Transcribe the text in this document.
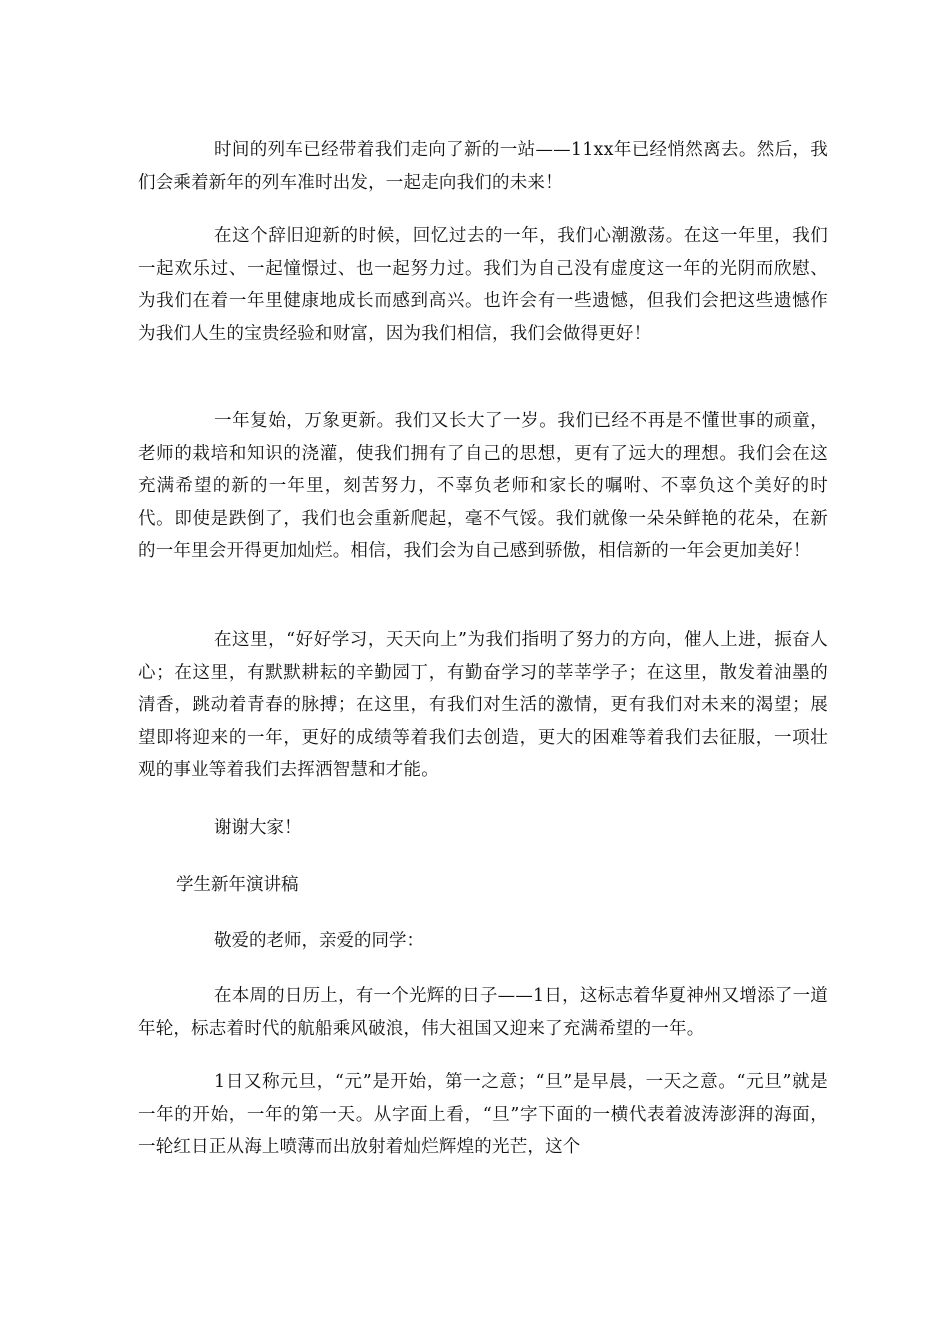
时间的列车已经带着我们走向了新的一站——11xx年已经悄然离去。然后，我们会乘着新年的列车准时出发，一起走向我们的未来！

在这个辞旧迎新的时候，回忆过去的一年，我们心潮激荡。在这一年里，我们一起欢乐过、一起憧憬过、也一起努力过。我们为自己没有虚度这一年的光阴而欣慰、为我们在着一年里健康地成长而感到高兴。也许会有一些遗憾，但我们会把这些遗憾作为我们人生的宝贵经验和财富，因为我们相信，我们会做得更好！

一年复始，万象更新。我们又长大了一岁。我们已经不再是不懂世事的顽童，老师的栽培和知识的浇灌，使我们拥有了自己的思想，更有了远大的理想。我们会在这充满希望的新的一年里，刻苦努力，不辜负老师和家长的嘱咐、不辜负这个美好的时代。即使是跌倒了，我们也会重新爬起，毫不气馁。我们就像一朵朵鲜艳的花朵，在新的一年里会开得更加灿烂。相信，我们会为自己感到骄傲，相信新的一年会更加美好！

在这里，“好好学习，天天向上”为我们指明了努力的方向，催人上进，振奋人心；在这里，有默默耕耘的辛勤园丁，有勤奋学习的莘莘学子；在这里，散发着油墨的清香，跳动着青春的脉搏；在这里，有我们对生活的激情，更有我们对未来的渴望；展望即将迎来的一年，更好的成绩等着我们去创造，更大的困难等着我们去征服，一项壮观的事业等着我们去挥洒智慧和才能。

谢谢大家！
学生新年演讲稿
敬爱的老师，亲爱的同学：

在本周的日历上，有一个光辉的日子——1日，这标志着华夏神州又增添了一道年轮，标志着时代的航船乘风破浪，伟大祖国又迎来了充满希望的一年。

1日又称元旦，“元”是开始，第一之意；“旦”是早晨，一天之意。“元旦”就是一年的开始，一年的第一天。从字面上看，“旦”字下面的一横代表着波涛澎湃的海面，一轮红日正从海上喷薄而出放射着灿烂辉煌的光芒，这个
